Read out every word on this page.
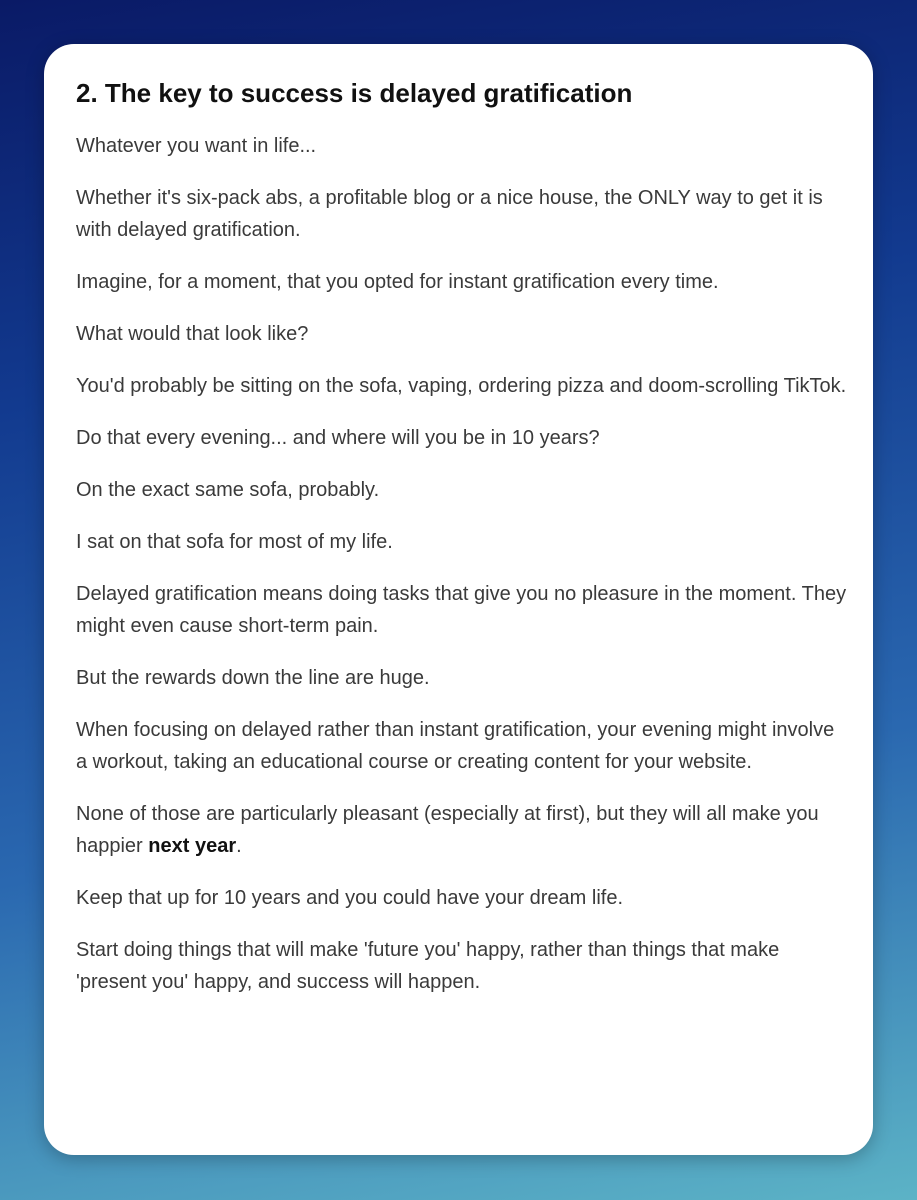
2. The key to success is delayed gratification

Whatever you want in life...

Whether it's six-pack abs, a profitable blog or a nice house, the ONLY way to get it is with delayed gratification.

Imagine, for a moment, that you opted for instant gratification every time.

What would that look like?

You'd probably be sitting on the sofa, vaping, ordering pizza and doom-scrolling TikTok.

Do that every evening... and where will you be in 10 years?

On the exact same sofa, probably.

I sat on that sofa for most of my life.

Delayed gratification means doing tasks that give you no pleasure in the moment. They might even cause short-term pain.

But the rewards down the line are huge.

When focusing on delayed rather than instant gratification, your evening might involve a workout, taking an educational course or creating content for your website.

None of those are particularly pleasant (especially at first), but they will all make you happier next year.

Keep that up for 10 years and you could have your dream life.

Start doing things that will make 'future you' happy, rather than things that make 'present you' happy, and success will happen.
